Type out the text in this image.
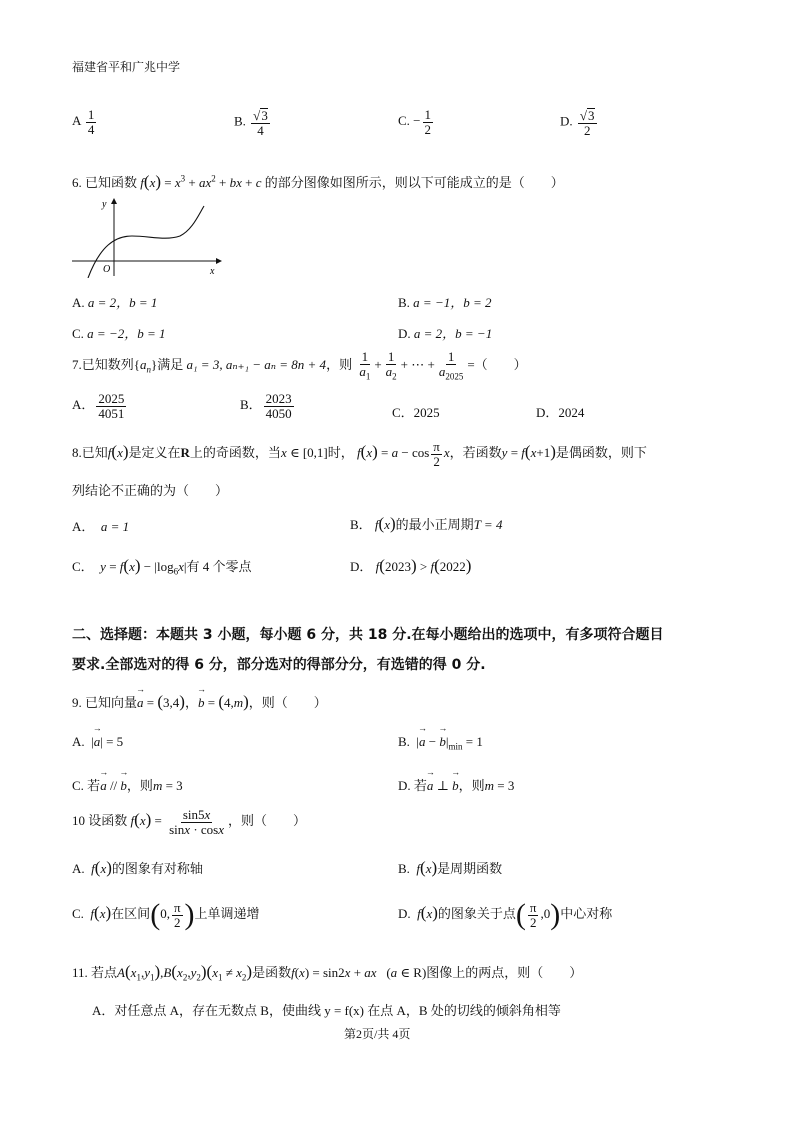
福建省平和广兆中学
A $\frac{1}{4}$	B. $\frac{√3}{4}$	C. − $\frac{1}{2}$	D. $\frac{√3}{2}$
6. 已知函数 $f(x) = x^3 + ax^2$ + bx + c 的部分图像如图所示，则以下可能成立的是（　　）
y
x
O
A. a = 2，b = 1	B. a = −1，b = 2
C. a = −2，b = 1	D. a = 2，b = −1
7.已知数列$\{a_n\}$满足 a₁ = 3, aₙ₊₁ − aₙ = 8n + 4，则 $\frac{1}{a_1} + \frac{1}{a_2}$ + ⋯ + $\frac{1}{a_{2025}}$ =（　　）
A． $\frac{2025}{4051}$	B． $\frac{2023}{4050}$	C．2025	D．2024
8.已知f(x)是定义在R上的奇函数，当x ∈ [0,1]时， $f(x) = a - \cos \frac{\pi}{2}$ x，若函数y = f(x+1)是偶函数，则下
列结论不正确的为（　　）
A．  a = 1	B． f(x)的最小正周期T = 4
C．  $y = f(x) - |\log_6x|$有 4 个零点	D． f(2023) > f(2022)
二、选择题：本题共 3 小题，每小题 6 分，共 18 分.在每小题给出的选项中，有多项符合题目
要求.全部选对的得 6 分，部分选对的得部分分，有选错的得 0 分.
9. 已知向量→ a = (3,4)，→ b = (4,m)，则（　　）
A.  |→ a| = 5	B.  |→ a − → $b|_{min} = 1$
C. 若→ a // → b，则m = 3	D. 若→ a ⊥ → b，则m = 3
10 设函数 $f(x) = \frac{\sin 5x}{\sin x \cdot \cos x}$ ，则（　　）
A.  f(x)的图象有对称轴	B.  f(x)是周期函数
C.  f(x)在区间(0, $\frac{\pi}{2}$ )上单调递增	D.  f(x)的图象关于点( $\frac{\pi}{2} ,0$)中心对称
11. 若点$A(x_1,y_1),B(x_2,y_2)(x_1 \ne x_2)$是函数f(x) = sin2x + ax   (a ∈ R)图像上的两点，则（　　）
A．对任意点 A，存在无数点 B，使曲线 y = f(x) 在点 A，B 处的切线的倾斜角相等
第2页/共 4页
